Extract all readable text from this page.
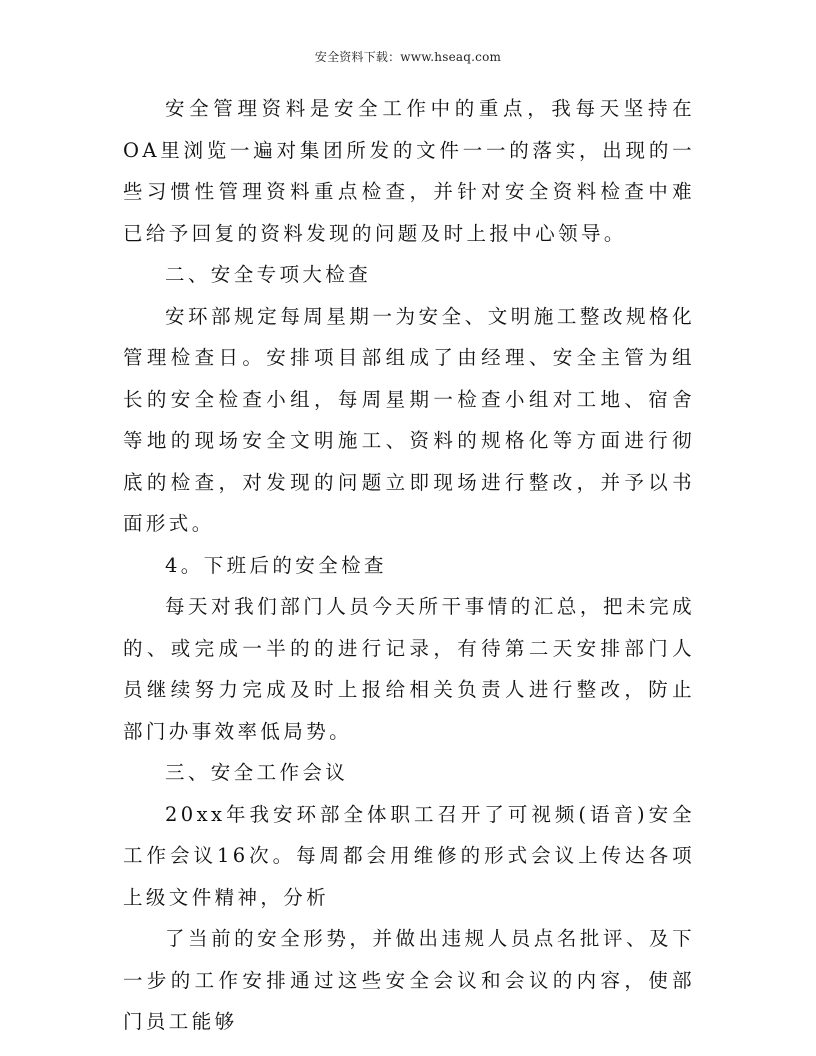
安全资料下载：www.hseaq.com

安全管理资料是安全工作中的重点，我每天坚持在OA里浏览一遍对集团所发的文件一一的落实，出现的一些习惯性管理资料重点检查，并针对安全资料检查中难已给予回复的资料发现的问题及时上报中心领导。

二、安全专项大检查

安环部规定每周星期一为安全、文明施工整改规格化管理检查日。安排项目部组成了由经理、安全主管为组长的安全检查小组，每周星期一检查小组对工地、宿舍等地的现场安全文明施工、资料的规格化等方面进行彻底的检查，对发现的问题立即现场进行整改，并予以书面形式。

4。下班后的安全检查

每天对我们部门人员今天所干事情的汇总，把未完成的、或完成一半的的进行记录，有待第二天安排部门人员继续努力完成及时上报给相关负责人进行整改，防止部门办事效率低局势。

三、安全工作会议

20xx年我安环部全体职工召开了可视频(语音)安全工作会议16次。每周都会用维修的形式会议上传达各项上级文件精神，分析

了当前的安全形势，并做出违规人员点名批评、及下一步的工作安排通过这些安全会议和会议的内容，使部门员工能够
